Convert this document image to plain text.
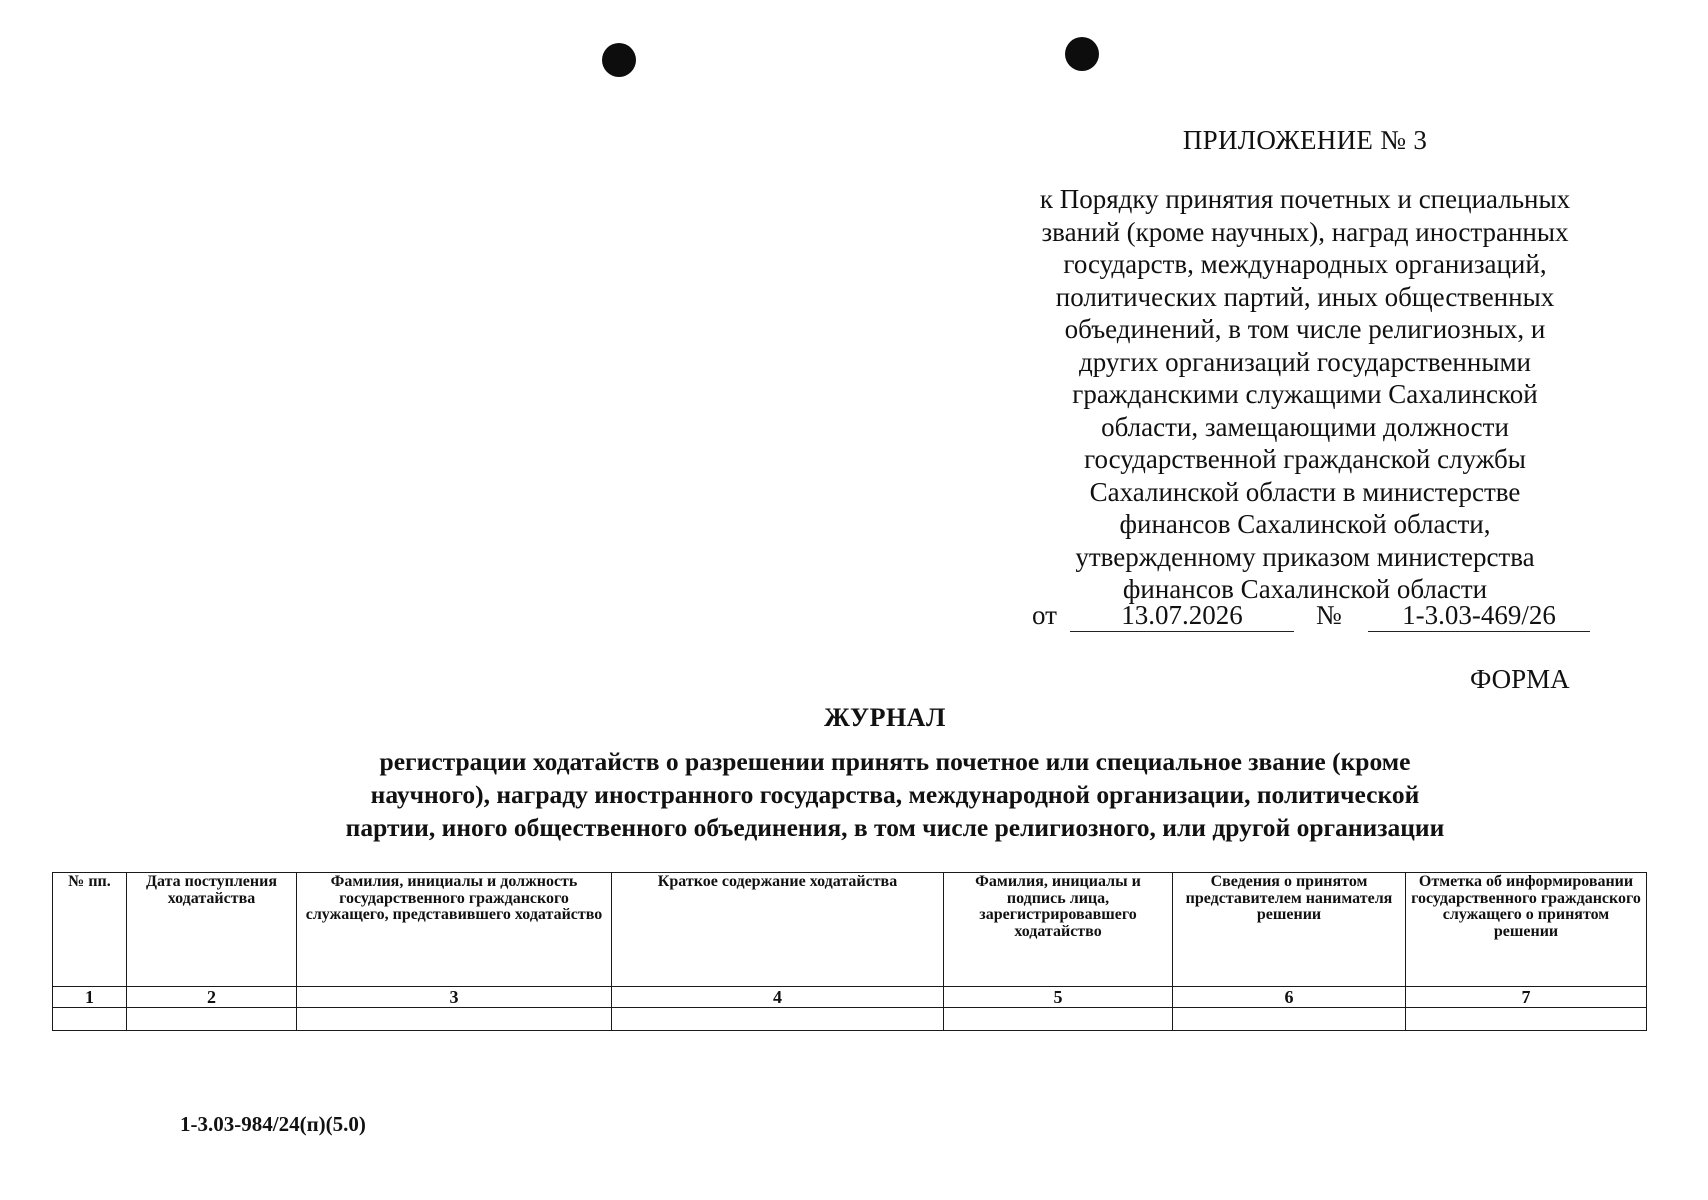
ПРИЛОЖЕНИЕ № 3
к Порядку принятия почетных и специальных
званий (кроме научных), наград иностранных
государств, международных организаций,
политических партий, иных общественных
объединений, в том числе религиозных, и
других организаций государственными
гражданскими служащими Сахалинской
области, замещающими должности
государственной гражданской службы
Сахалинской области в министерстве
финансов Сахалинской области,
утвержденному приказом министерства
финансов Сахалинской области
от	13.07.2026	№	1-3.03-469/26
ФОРМА
ЖУРНАЛ
регистрации ходатайств о разрешении принять почетное или специальное звание (кроме
научного), награду иностранного государства, международной организации, политической
партии, иного общественного объединения, в том числе религиозного, или другой организации
№ пп.	Дата поступления ходатайства	Фамилия, инициалы и должность государственного гражданского служащего, представившего ходатайство	Краткое содержание ходатайства	Фамилия, инициалы и подпись лица, зарегистрировавшего ходатайство	Сведения о принятом представителем нанимателя решении	Отметка об информировании государственного гражданского служащего о принятом решении
1	2	3	4	5	6	7

1-3.03-984/24(п)(5.0)
